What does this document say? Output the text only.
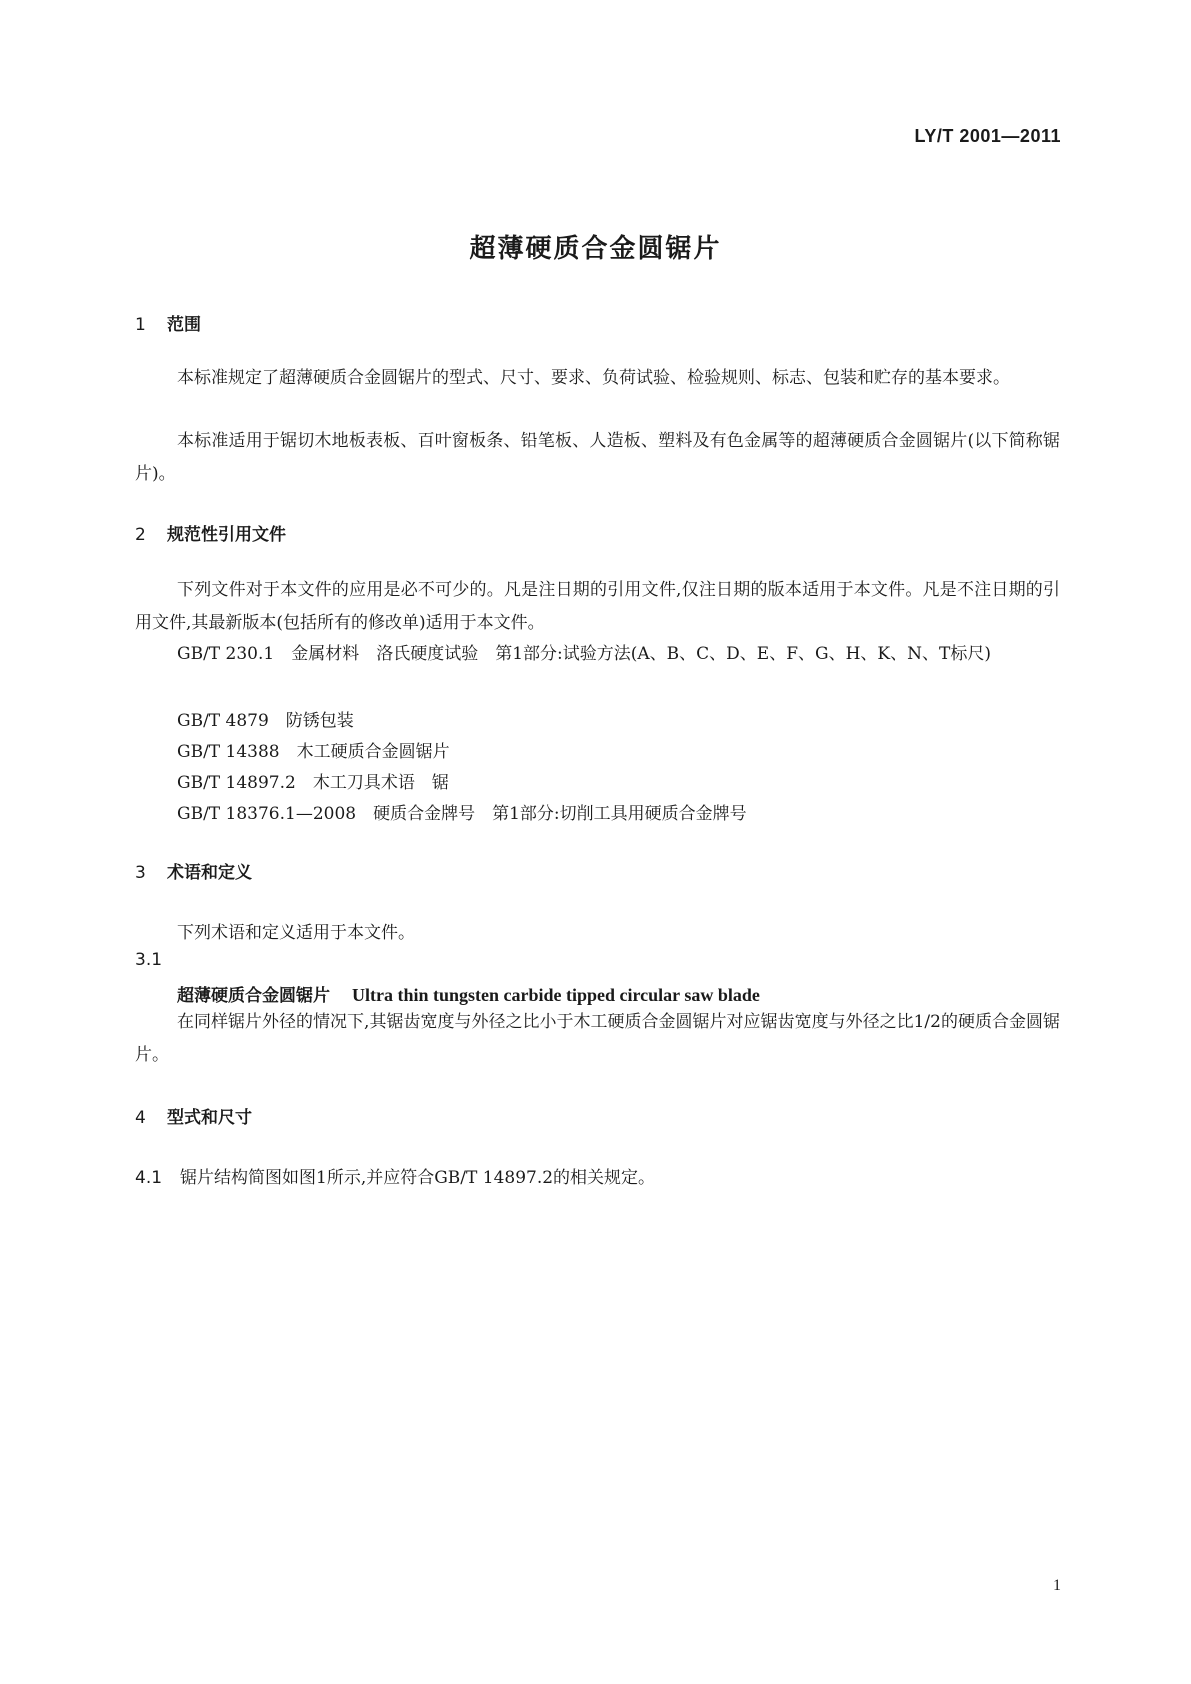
LY/T 2001—2011
超薄硬质合金圆锯片
1 范围
本标准规定了超薄硬质合金圆锯片的型式、尺寸、要求、负荷试验、检验规则、标志、包装和贮存的基本要求。
本标准适用于锯切木地板表板、百叶窗板条、铅笔板、人造板、塑料及有色金属等的超薄硬质合金圆锯片(以下简称锯片)。
2 规范性引用文件
下列文件对于本文件的应用是必不可少的。凡是注日期的引用文件,仅注日期的版本适用于本文件。凡是不注日期的引用文件,其最新版本(包括所有的修改单)适用于本文件。
GB/T 230.1　金属材料　洛氏硬度试验　第1部分:试验方法(A、B、C、D、E、F、G、H、K、N、T标尺)
GB/T 4879　防锈包装
GB/T 14388　木工硬质合金圆锯片
GB/T 14897.2　木工刀具术语　锯
GB/T 18376.1—2008　硬质合金牌号　第1部分:切削工具用硬质合金牌号
3 术语和定义
下列术语和定义适用于本文件。
3.1
超薄硬质合金圆锯片 Ultra thin tungsten carbide tipped circular saw blade
在同样锯片外径的情况下,其锯齿宽度与外径之比小于木工硬质合金圆锯片对应锯齿宽度与外径之比1/2的硬质合金圆锯片。
4 型式和尺寸
4.1 锯片结构简图如图1所示,并应符合GB/T 14897.2的相关规定。
1
